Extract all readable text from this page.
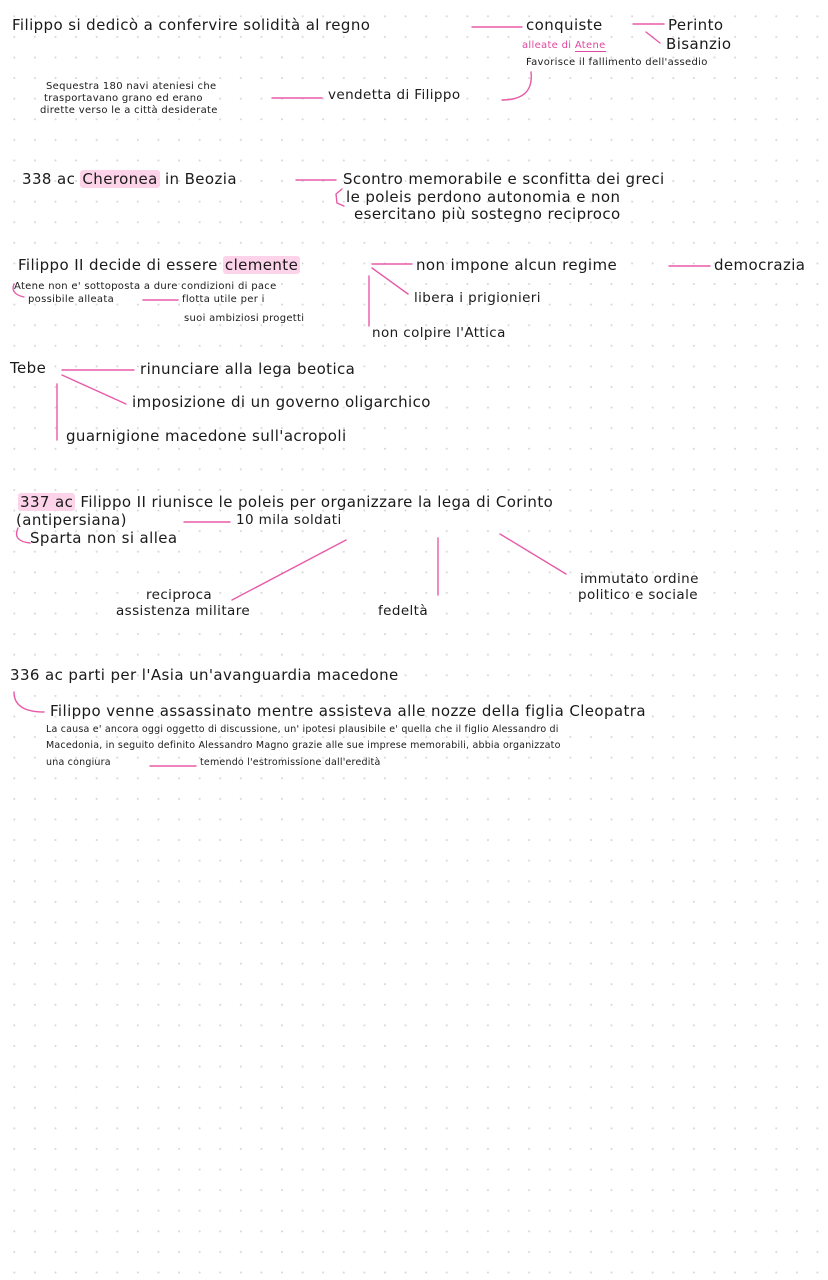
Filippo si dedicò a confervire solidità al regno	conquiste	Perinto
Bisanzio
alleate di Atene
Favorisce il fallimento dell'assedio
Sequestra 180 navi ateniesi che
trasportavano grano ed erano
dirette verso le a città desiderate
vendetta di Filippo
338 ac Cheronea in Beozia	Scontro memorabile e sconfitta dei greci
le poleis perdono autonomia e non
esercitano più sostegno reciproco
Filippo II decide di essere clemente
Atene non e' sottoposta a dure condizioni di pace
possibile alleata	flotta utile per i
suoi ambiziosi progetti
non impone alcun regime	democrazia
libera i prigionieri
non colpire l'Attica
Tebe	rinunciare alla lega beotica
imposizione di un governo oligarchico
guarnigione macedone sull'acropoli
337 ac Filippo II riunisce le poleis per organizzare la lega di Corinto
(antipersiana)	10 mila soldati
Sparta non si allea
reciproca
assistenza militare	fedeltà
immutato ordine
politico e sociale
336 ac parti per l'Asia un'avanguardia macedone
Filippo venne assassinato mentre assisteva alle nozze della figlia Cleopatra
La causa e' ancora oggi oggetto di discussione, un' ipotesi plausibile e' quella che il figlio Alessandro di
Macedonia, in seguito definito Alessandro Magno grazie alle sue imprese memorabili, abbia organizzato
una congiura	temendo l'estromissione dall'eredità
